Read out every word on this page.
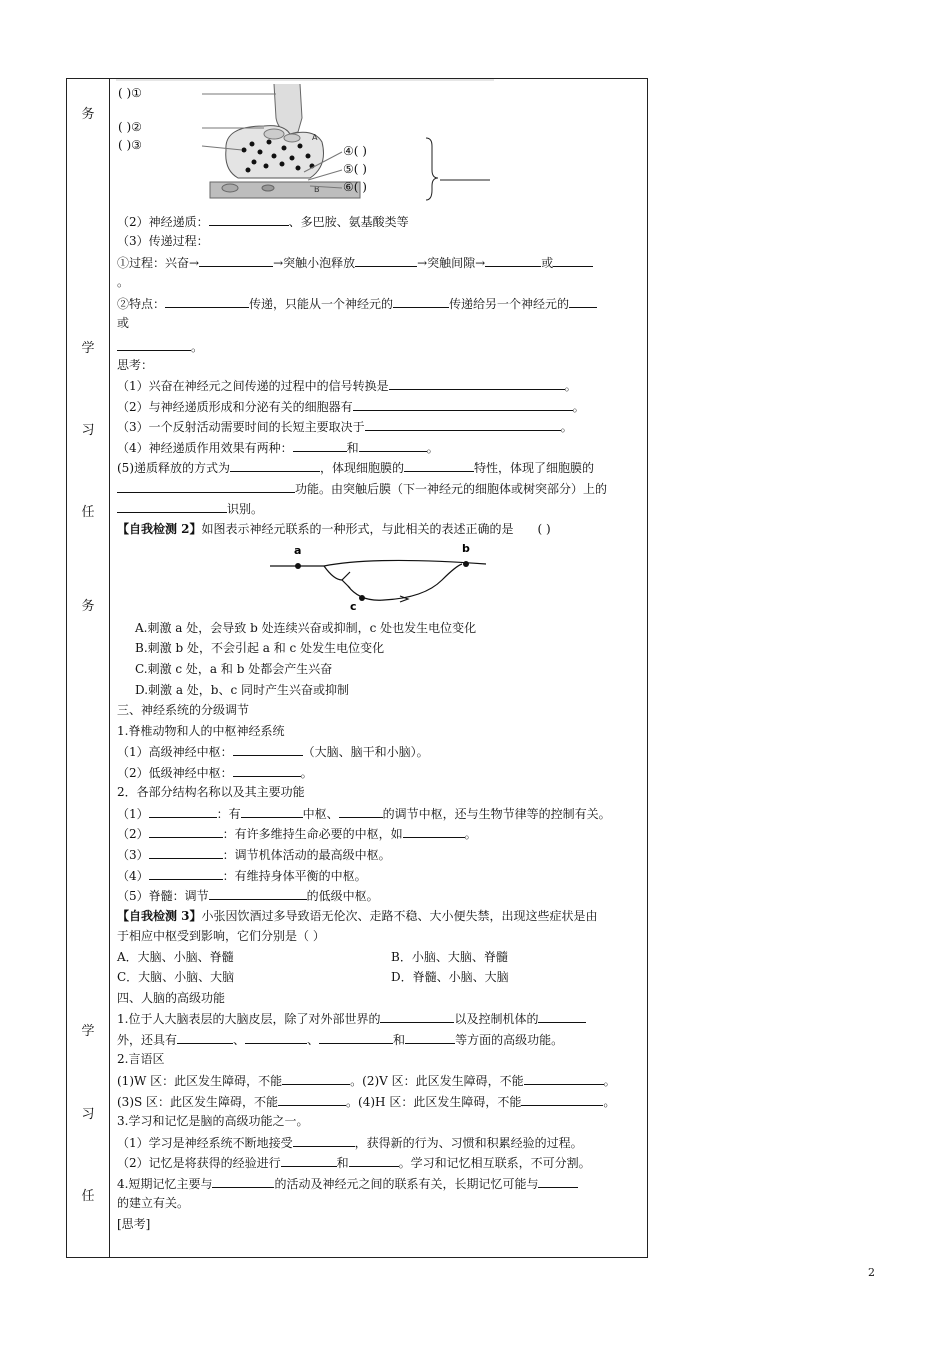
务
学
习
任
务
学
习
任
A
B
( )①
( )②
( )③	④( )
⑤( )
⑥( )
（2）神经递质：	、多巴胺、氨基酸类等
（3）传递过程：
①过程：兴奋→	→突触小泡释放	→突触间隙→	或
。
②特点：	传递，只能从一个神经元的	传递给另一个神经元的
或
。
思考：
（1）兴奋在神经元之间传递的过程中的信号转换是	。
（2）与神经递质形成和分泌有关的细胞器有	。
（3）一个反射活动需要时间的长短主要取决于	。
（4）神经递质作用效果有两种：	和	。
(5)递质释放的方式为	，体现细胞膜的	特性，体现了细胞膜的
功能。由突触后膜（下一神经元的细胞体或树突部分）上的
识别。
【自我检测 2】如图表示神经元联系的一种形式，与此相关的表述正确的是 ( )
A.刺激 a 处，会导致 b 处连续兴奋或抑制，c 处也发生电位变化
B.刺激 b 处，不会引起 a 和 c 处发生电位变化
C.刺激 c 处，a 和 b 处都会产生兴奋
D.刺激 a 处，b、c 同时产生兴奋或抑制
三、神经系统的分级调节
1.脊椎动物和人的中枢神经系统
（1）高级神经中枢：	（大脑、脑干和小脑）。
（2）低级神经中枢：	。
2．各部分结构名称以及其主要功能
（1）	：有	中枢、	的调节中枢，还与生物节律等的控制有关。
（2）	：有许多维持生命必要的中枢，如	。
（3）	：调节机体活动的最高级中枢。
（4）	：有维持身体平衡的中枢。
（5）脊髓：调节	的低级中枢。
【自我检测 3】小张因饮酒过多导致语无伦次、走路不稳、大小便失禁，出现这些症状是由
于相应中枢受到影响，它们分别是（ ）
A．大脑、小脑、脊髓	B．小脑、大脑、脊髓
C．大脑、小脑、大脑	D．脊髓、小脑、大脑
四、人脑的高级功能
1.位于人大脑表层的大脑皮层，除了对外部世界的	以及控制机体的
外，还具有	、	、	和	等方面的高级功能。
2.言语区
(1)W 区：此区发生障碍，不能	。(2)V 区：此区发生障碍，不能	。
(3)S 区：此区发生障碍，不能	。(4)H 区：此区发生障碍，不能	。
3.学习和记忆是脑的高级功能之一。
（1）学习是神经系统不断地接受	，获得新的行为、习惯和积累经验的过程。
（2）记忆是将获得的经验进行	和	。学习和记忆相互联系，不可分割。
4.短期记忆主要与	的活动及神经元之间的联系有关，长期记忆可能与
的建立有关。
[思考]
a	b
c
2
